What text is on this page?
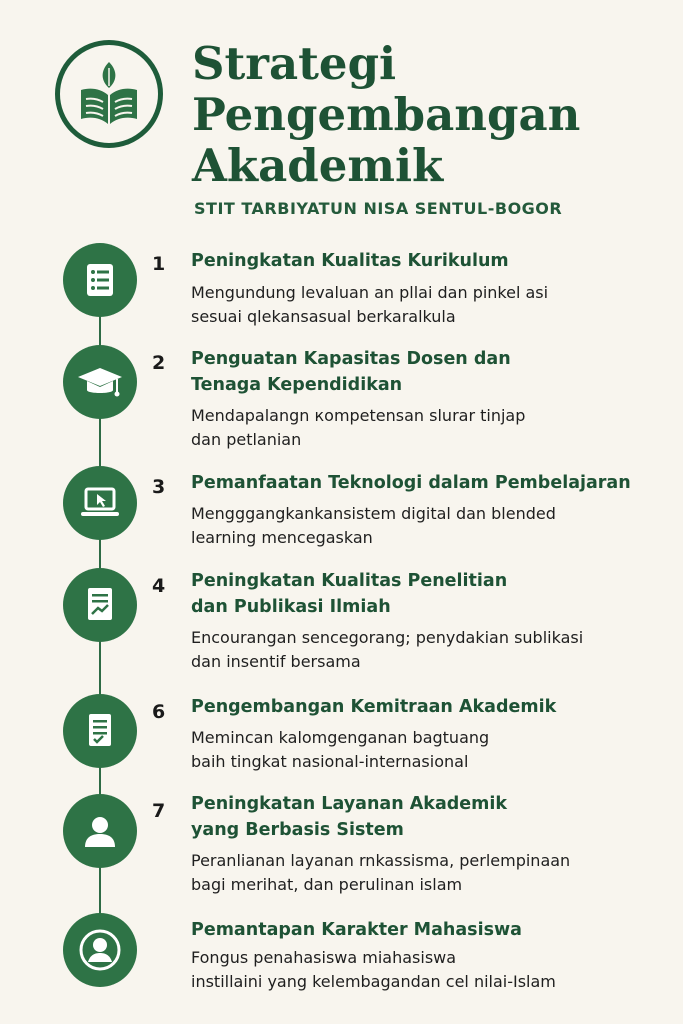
Strategi Pengembangan Akademik
STIT TARBIYATUN NISA SENTUL-BOGOR
1 Peningkatan Kualitas Kurikulum
Mengundung levaluan an pllai dan pinkel asi
sesuai qlekansasual berkaralkula
2 Penguatan Kapasitas Dosen dan
Tenaga Kependidikan
Mendapalangn кompetensan slurar tinjap
dan petlanian
3 Pemanfaatan Teknologi dalam Pembelajaran
Mengggangkankansistem digital dan blended
learning mencegaskan
4 Peningkatan Kualitas Penelitian
dan Publikasi Ilmiah
Encourangan sencegorang; penydakian sublikasi
dan insentif bersama
6 Pengembangan Kemitraan Akademik
Memincan kalomgenganan bagtuang
baih tingkat nasional-internasional
7 Peningkatan Layanan Akademik
yang Berbasis Sistem
Peranlianan layanan rnkassisma, perlempinaan
bagi merihat, dan perulinan islam
Pemantapan Karakter Mahasiswa
Fongus penahasiswa miahasiswa
instillaini yang kelembagandan cel nilai-Islam
